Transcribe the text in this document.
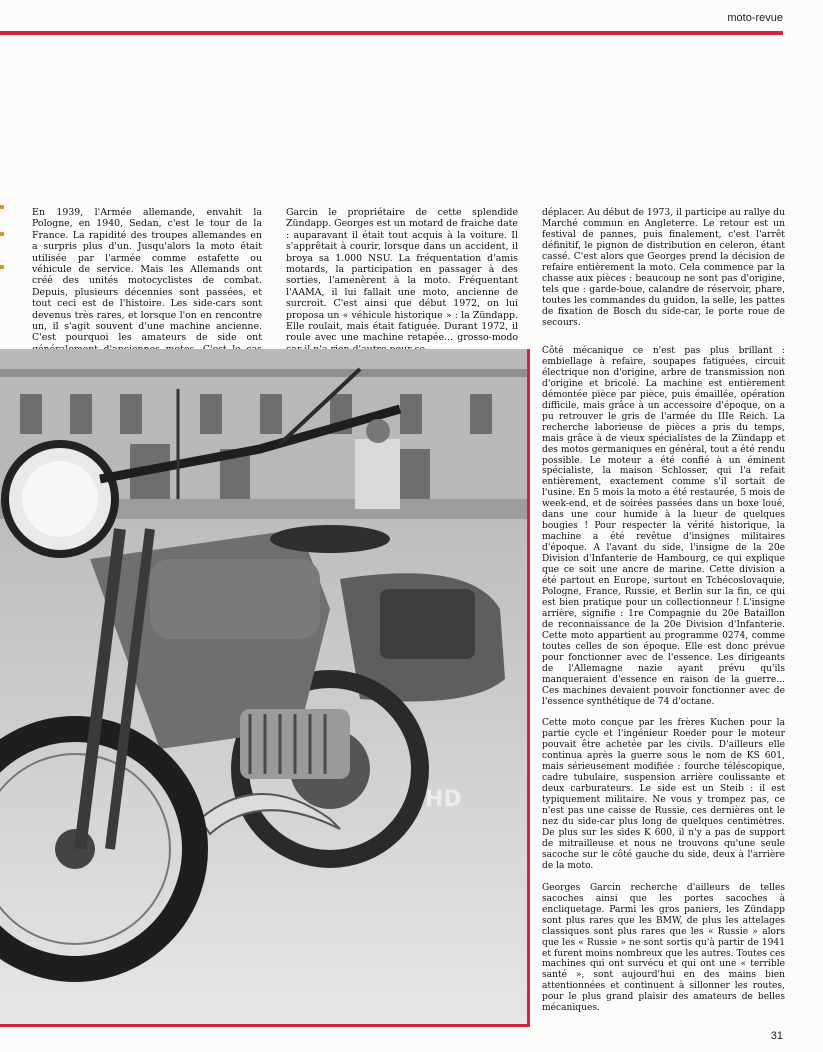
moto-revue

En 1939, l'Armée allemande, envahit la Pologne, en 1940, Sedan, c'est le tour de la France. La rapidité des troupes allemandes en a surpris plus d'un. Jusqu'alors la moto était utilisée par l'armée comme estafette ou véhicule de service. Mais les Allemands ont créé des unités motocyclistes de combat. Depuis, plusieurs décennies sont passées, et tout ceci est de l'histoire. Les side-cars sont devenus très rares, et lorsque l'on en rencontre un, il s'agit souvent d'une machine ancienne. C'est pourquoi les amateurs de side ont

Garcin le propriétaire de cette splendide Zündapp. Georges est un motard de fraiche date : auparavant il était tout acquis à la voiture. Il s'apprêtait à courir, lorsque dans un accident, il broya sa 1.000 NSU. La fréquentation d'amis motards, la participation en passager à des sorties, l'amenèrent à la moto. Fréquentant l'AAMA, il lui fallait une moto, ancienne de surcroit. C'est ainsi que début 1972, on lui proposa un « véhicule historique » : la Zündapp. Elle roulait, mais était fatiguée. Durant 1972, il roule avec une machine retapée... grosso-modo

déplacer. Au début de 1973, il participe au rallye du Marché commun en Angleterre. Le retour est un festival de pannes, puis finalement, c'est l'arrêt définitif, le pignon de distribution en celeron, étant cassé. C'est alors que Georges prend la décision de refaire entièrement la moto. Cela commence par la chasse aux pièces : beaucoup ne sont pas d'origine, tels que : garde-boue, calandre de réservoir, phare, toutes les commandes du guidon, la selle, les pattes de fixation de Bosch du side-car, le porte roue de secours.

Côté mécanique ce n'est pas plus brillant : embiellage à refaire, soupapes fatiguées, circuit électrique non d'origine, arbre de transmission non d'origine et bricolé. La machine est entièrement démontée pièce par pièce, puis émaillée, opération difficile, mais grâce à un accessoire d'époque, on a pu retrouver le gris de l'armée du IIIe Reich. La recherche laborieuse de pièces a pris du temps, mais grâce à de vieux spécialistes de la Zündapp et des motos germaniques en général, tout a été rendu possible. Le moteur a été confié à un éminent spécialiste, la maison Schlosser, qui l'a refait entièrement, exactement comme s'il sortait de l'usine. En 5 mois la moto a été restaurée, 5 mois de week-end, et de soirées passées dans un boxe loué, dans une cour humide à la lueur de quelques bougies ! Pour respecter la vérité historique, la machine a été revêtue d'insignes militaires d'époque. A l'avant du side, l'insigne de la 20e Division d'Infanterie de Hambourg, ce qui explique que ce soit une ancre de marine. Cette division a été partout en Europe, surtout en Tchécoslovaquie, Pologne, France, Russie, et Berlin sur la fin, ce qui est bien pratique pour un collectionneur ! L'insigne arrière, signifie : 1re Compagnie du 20e Bataillon de reconnaissance de la 20e Division d'Infanterie. Cette moto appartient au programme 0274, comme toutes celles de son époque. Elle est donc prévue pour fonctionner avec de l'essence. Les dirigeants de l'Allemagne nazie ayant prévu qu'ils manqueraient d'essence en raison de la guerre... Ces machines devaient pouvoir fonctionner avec de l'essence synthétique de 74 d'octane.

Cette moto conçue par les frères Kuchen pour la partie cycle et l'ingénieur Roeder pour le moteur pouvait être achetée par les civils. D'ailleurs elle continua après la guerre sous le nom de KS 601, mais sérieusement modifiée : fourche téléscopique, cadre tubulaire, suspension arrière coulissante et deux carburateurs. Le side est un Steib : il est typiquement militaire. Ne vous y trompez pas, ce n'est pas une caisse de Russie, ces dernières ont le nez du side-car plus long de quelques centimètres. De plus sur les sides K 600, il n'y a pas de support de mitrailleuse et nous ne trouvons qu'une seule sacoche sur le côté gauche du side, deux à l'arrière de la moto.

Georges Garcin recherche d'ailleurs de telles sacoches ainsi que les portes sacoches à encliquetage. Parmi les gros paniers, les Zündapp sont plus rares que les BMW, de plus les attelages classiques sont plus rares que les « Russie » alors que les « Russie » ne sont sortis qu'à partir de 1941 et furent moins nombreux que les autres. Toutes ces machines qui ont survécu et qui ont une « terrible santé », sont aujourd'hui en des mains bien attentionnées et continuent à sillonner les routes, pour le plus grand plaisir des amateurs de belles mécaniques.

HD
31
